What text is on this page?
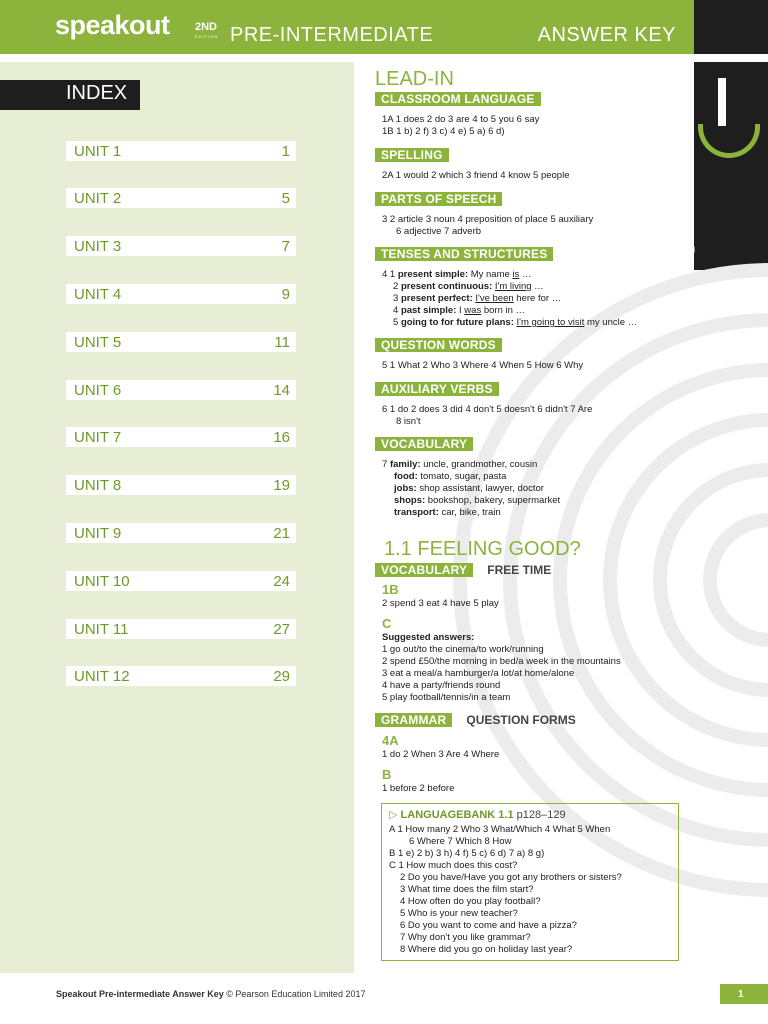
speakout 2ND
EDITION PRE-INTERMEDIATE	ANSWER KEY
Life
INDEX
UNIT 1	1
UNIT 2	5
UNIT 3	7
UNIT 4	9
UNIT 5	11
UNIT 6	14
UNIT 7	16
UNIT 8	19
UNIT 9	21
UNIT 10	24
UNIT 11	27
UNIT 12	29
LEAD-IN
CLASSROOM LANGUAGE
1A 1 does 2 do 3 are 4 to 5 you 6 say
1B 1 b) 2 f) 3 c) 4 e) 5 a) 6 d)
SPELLING
2A 1 would 2 which 3 friend 4 know 5 people
PARTS OF SPEECH
3 2 article 3 noun 4 preposition of place 5 auxiliary
6 adjective 7 adverb
TENSES AND STRUCTURES
4 1 present simple: My name is …
2 present continuous: I'm living …
3 present perfect: I've been here for …
4 past simple: I was born in …
5 going to for future plans: I'm going to visit my uncle …
QUESTION WORDS
5 1 What 2 Who 3 Where 4 When 5 How 6 Why
AUXILIARY VERBS
6 1 do 2 does 3 did 4 don't 5 doesn't 6 didn't 7 Are
8 isn't
VOCABULARY
7 family: uncle, grandmother, cousin
food: tomato, sugar, pasta
jobs: shop assistant, lawyer, doctor
shops: bookshop, bakery, supermarket
transport: car, bike, train
1.1 FEELING GOOD?
VOCABULARY	FREE TIME
1B
2 spend 3 eat 4 have 5 play
C
Suggested answers:
1 go out/to the cinema/to work/running
2 spend £50/the morning in bed/a week in the mountains
3 eat a meal/a hamburger/a lot/at home/alone
4 have a party/friends round
5 play football/tennis/in a team
GRAMMAR	QUESTION FORMS
4A
1 do 2 When 3 Are 4 Where
B
1 before 2 before
▷ LANGUAGEBANK 1.1 p128–129
A 1 How many 2 Who 3 What/Which 4 What 5 When
6 Where 7 Which 8 How
B 1 e) 2 b) 3 h) 4 f) 5 c) 6 d) 7 a) 8 g)
C 1 How much does this cost?
2 Do you have/Have you got any brothers or sisters?
3 What time does the film start?
4 How often do you play football?
5 Who is your new teacher?
6 Do you want to come and have a pizza?
7 Why don't you like grammar?
8 Where did you go on holiday last year?
Speakout Pre-intermediate Answer Key © Pearson Education Limited 2017	1
